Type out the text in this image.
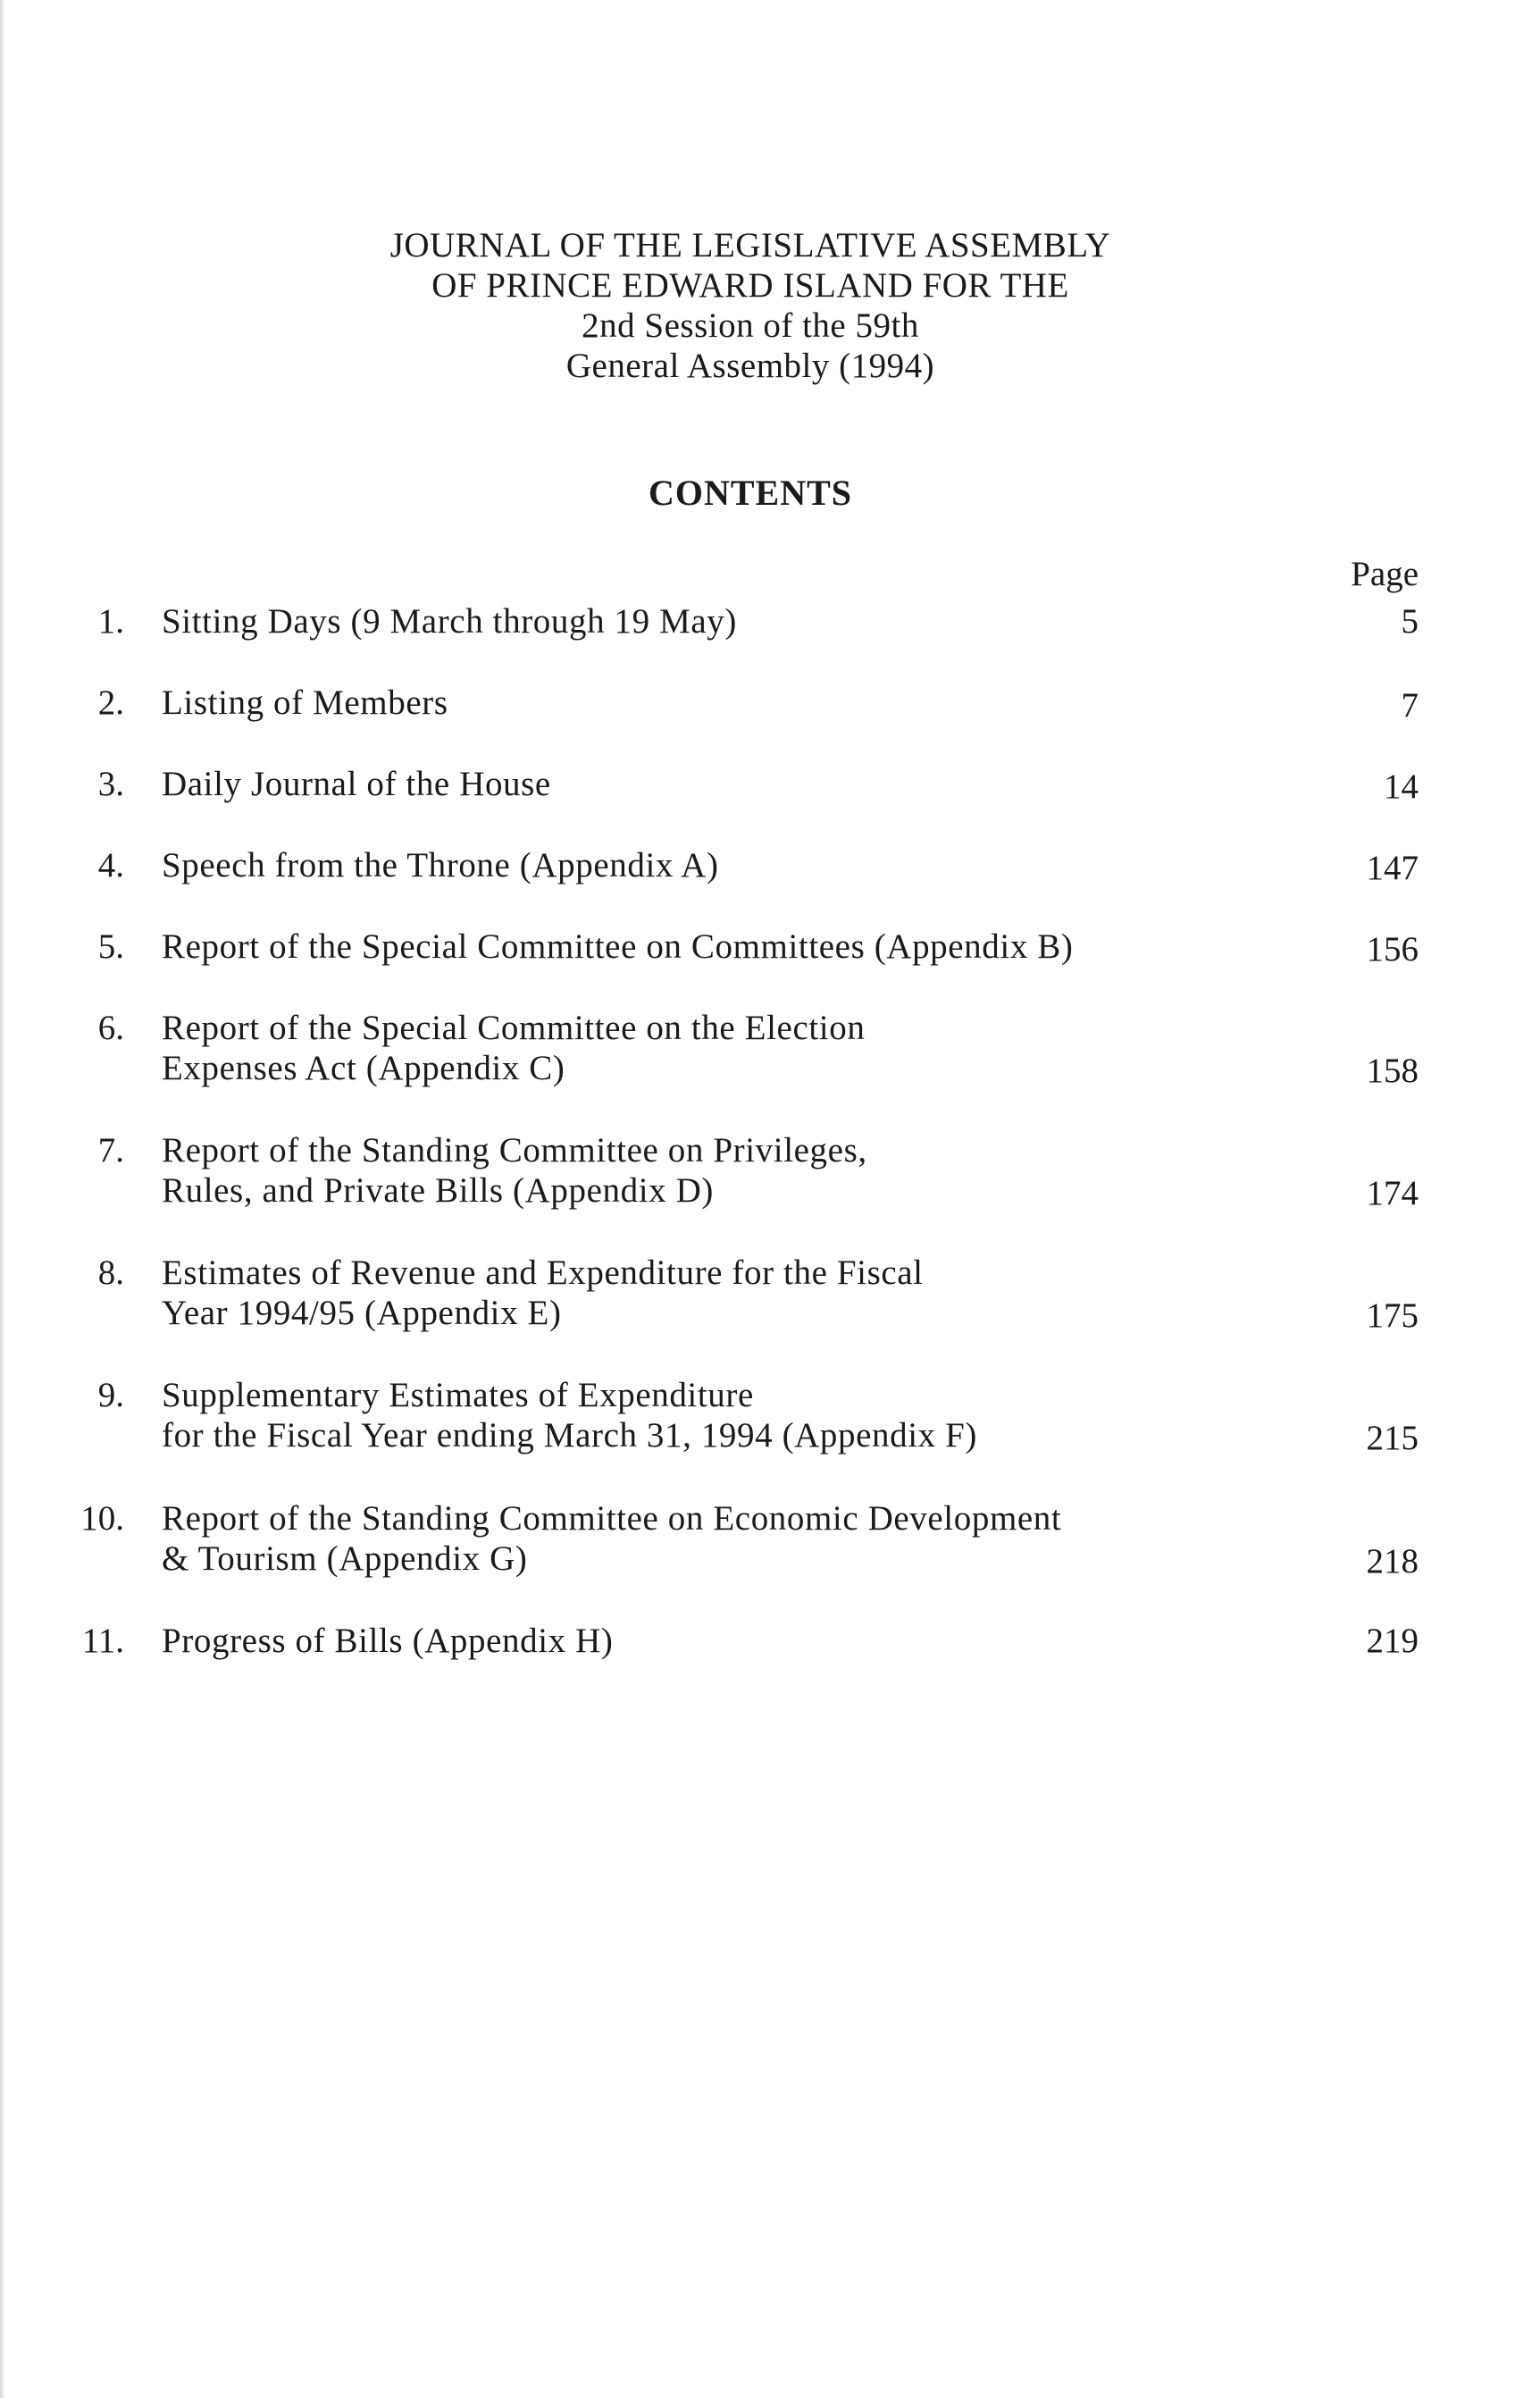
JOURNAL OF THE LEGISLATIVE ASSEMBLY
OF PRINCE EDWARD ISLAND FOR THE
2nd Session of the 59th
General Assembly (1994)
CONTENTS
Page
1. Sitting Days (9 March through 19 May)	5
2. Listing of Members	7
3. Daily Journal of the House	14
4. Speech from the Throne (Appendix A)	147
5. Report of the Special Committee on Committees (Appendix B)	156
6. Report of the Special Committee on the Election
Expenses Act (Appendix C)	158
7. Report of the Standing Committee on Privileges,
Rules, and Private Bills (Appendix D)	174
8. Estimates of Revenue and Expenditure for the Fiscal
Year 1994/95 (Appendix E)	175
9. Supplementary Estimates of Expenditure
for the Fiscal Year ending March 31, 1994 (Appendix F)	215
10. Report of the Standing Committee on Economic Development
& Tourism (Appendix G)	218
11. Progress of Bills (Appendix H)	219
